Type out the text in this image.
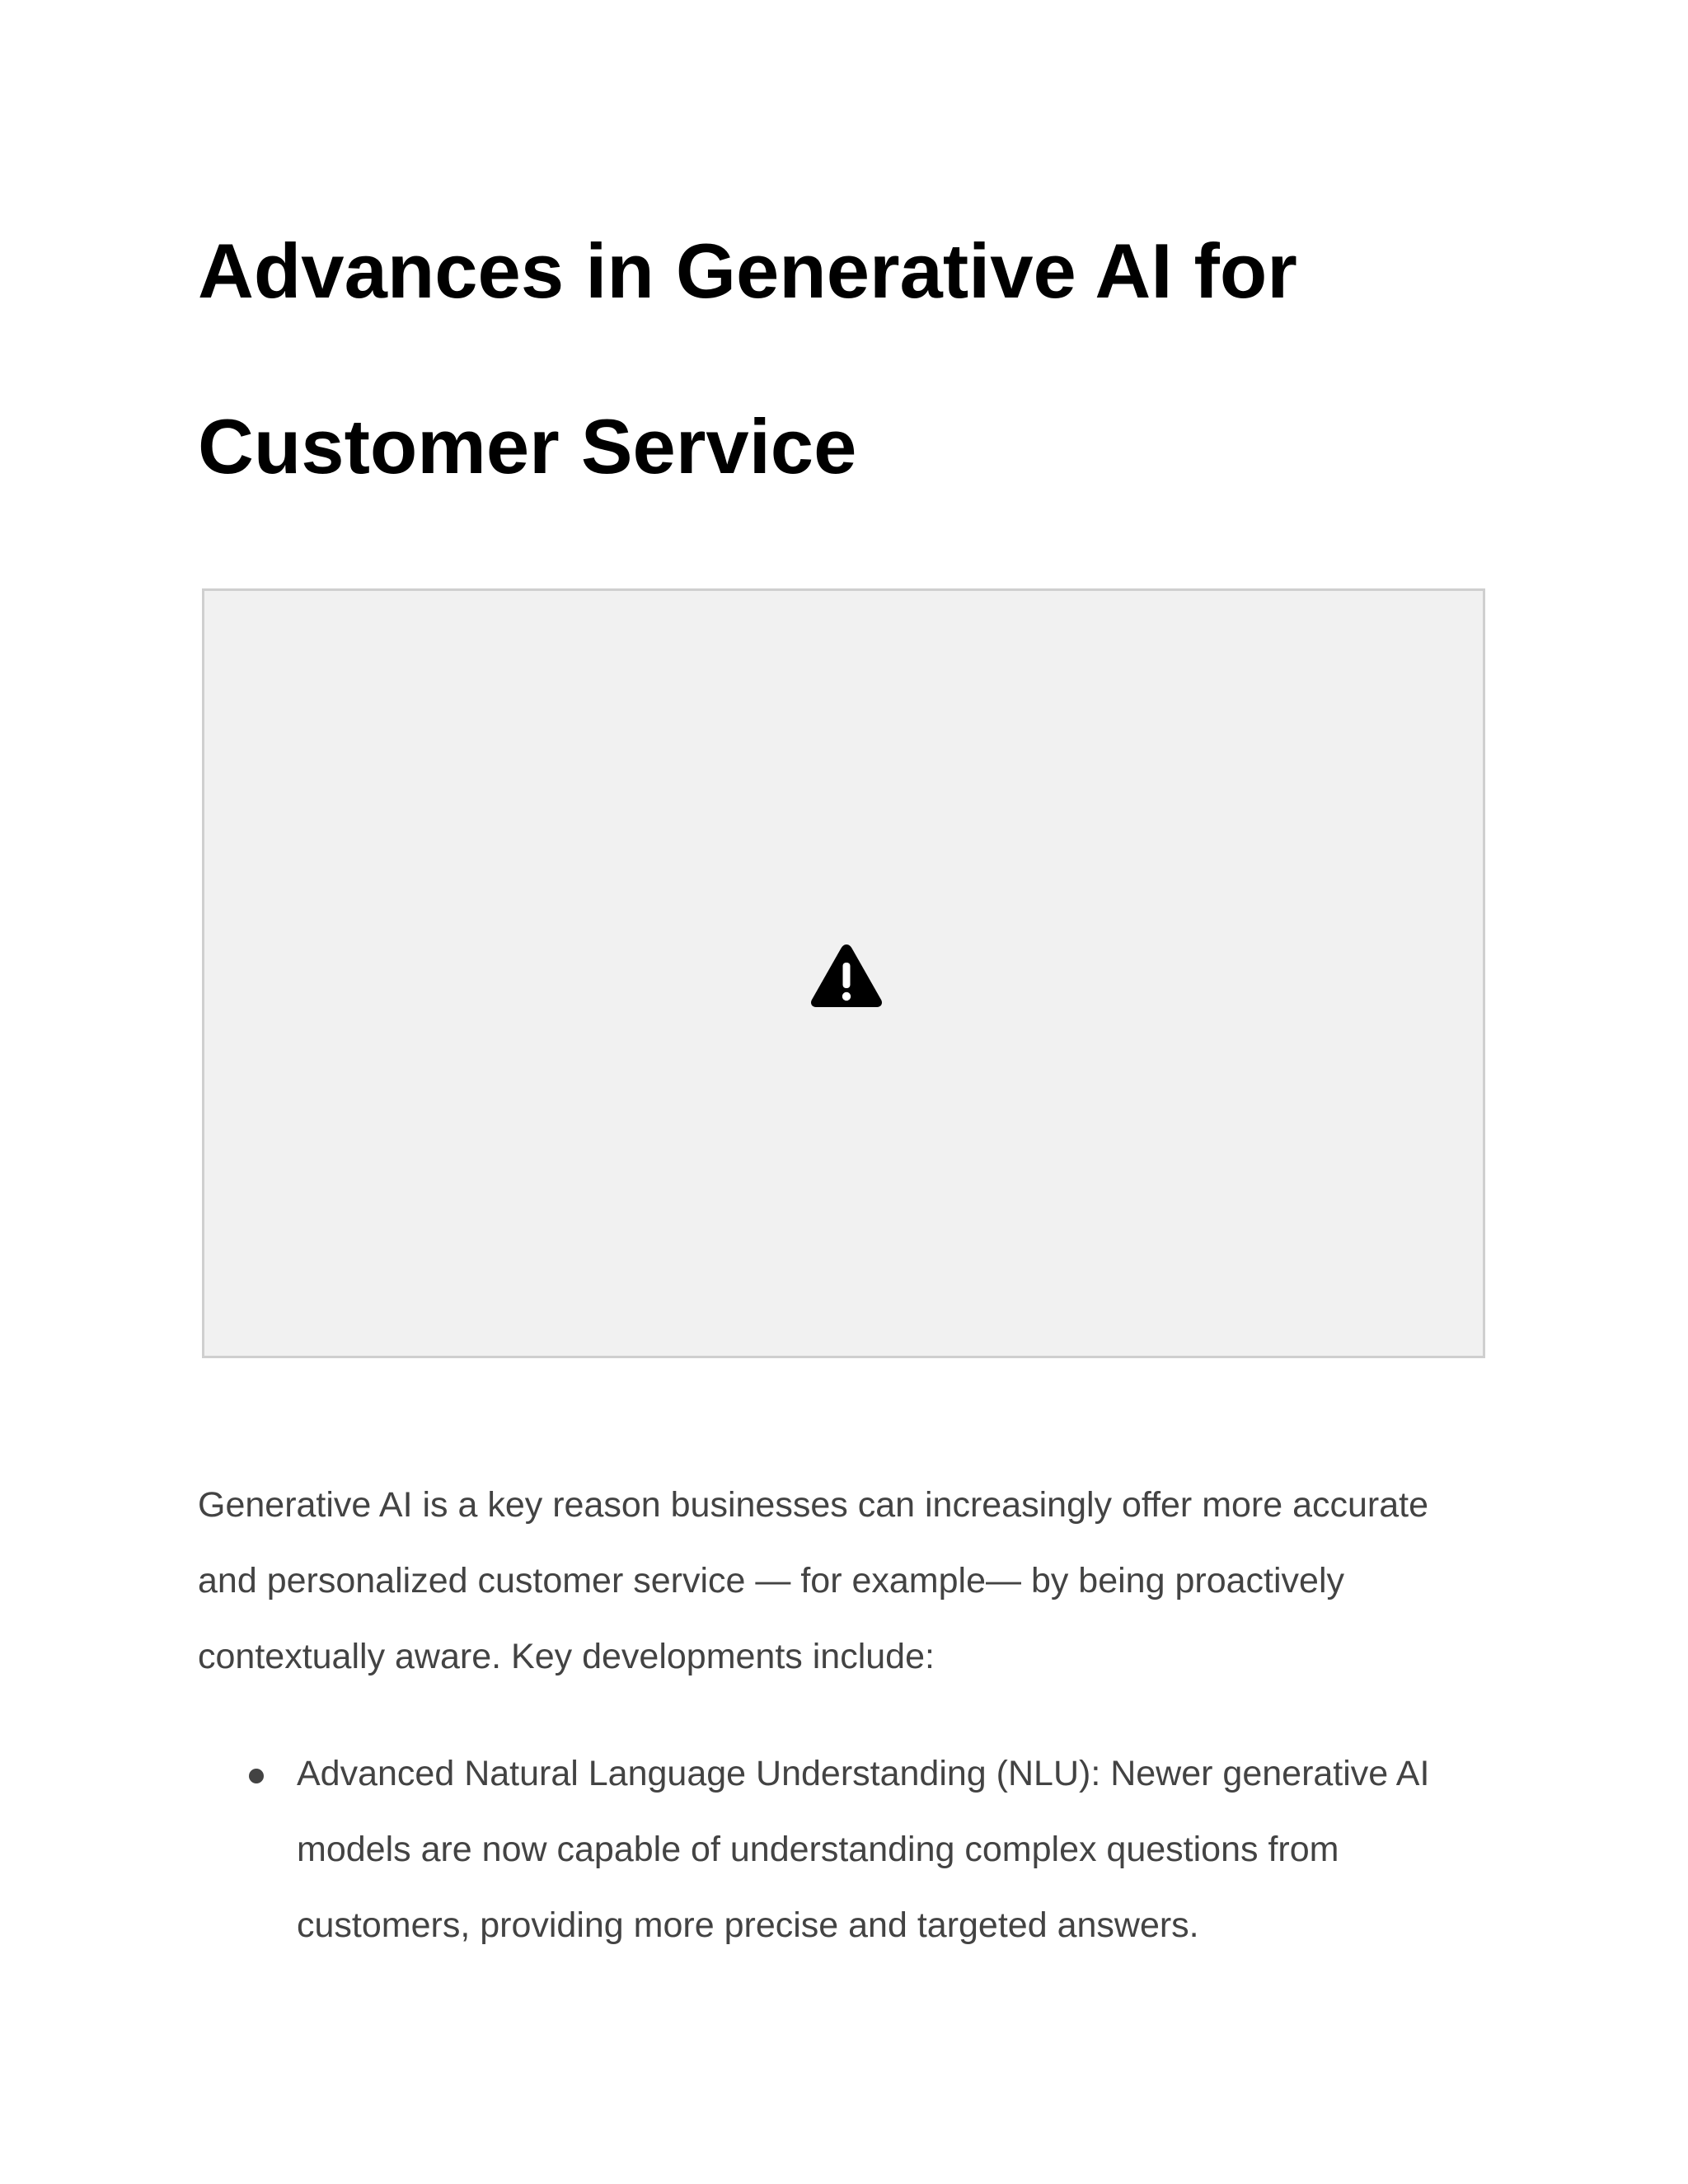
Advances in Generative AI for Customer Service

Generative AI is a key reason businesses can increasingly offer more accurate and personalized customer service — for example— by being proactively contextually aware. Key developments include:

Advanced Natural Language Understanding (NLU): Newer generative AI models are now capable of understanding complex questions from customers, providing more precise and targeted answers.
